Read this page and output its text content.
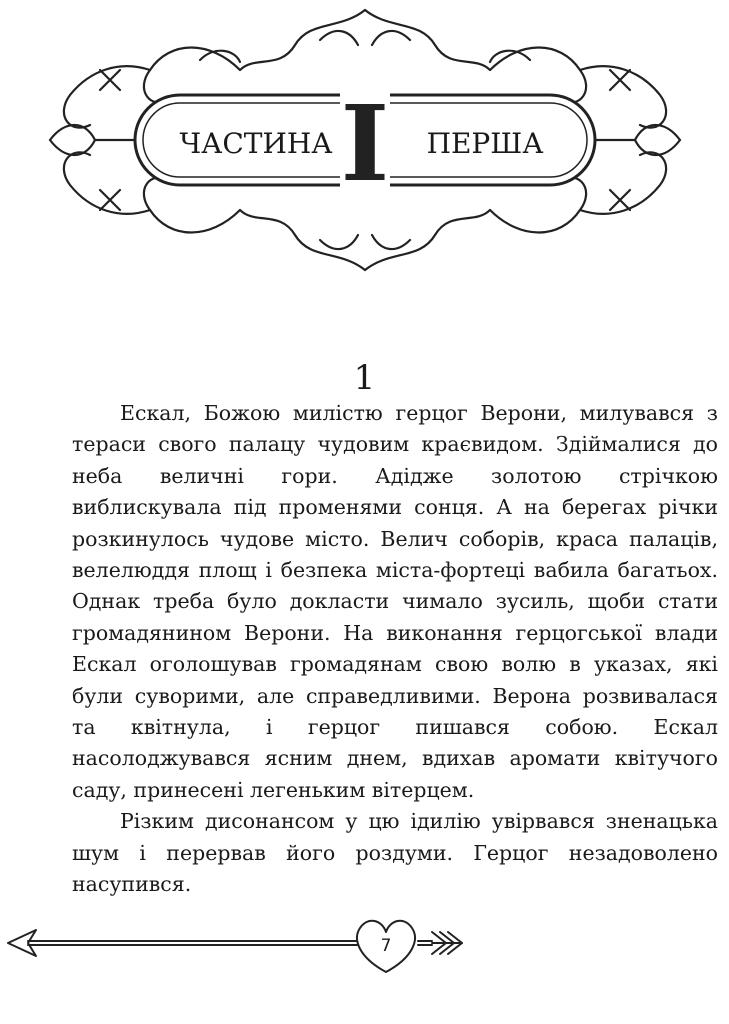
I
ЧАСТИНА	ПЕРША
1

Ескал, Божою милістю герцог Верони, милувався з тераси свого палацу чудовим краєвидом. Здіймалися до неба величні гори. Адідже золотою стрічкою виблискувала під променями сонця. А на берегах річки розкинулось чудове місто. Велич соборів, краса палаців, велелюддя площ і безпека міста-фортеці вабила багатьох. Однак треба було докласти чимало зусиль, щоби стати громадянином Верони. На виконання герцогської влади Ескал оголошував громадянам свою волю в указах, які були суворими, але справедливими. Верона розвивалася та квітнула, і герцог пишався собою. Ескал насолоджувався ясним днем, вдихав аромати квітучого саду, принесені легеньким вітерцем.

Різким дисонансом у цю ідилію увірвався зненацька шум і перервав його роздуми. Герцог незадоволено насупився.

7
